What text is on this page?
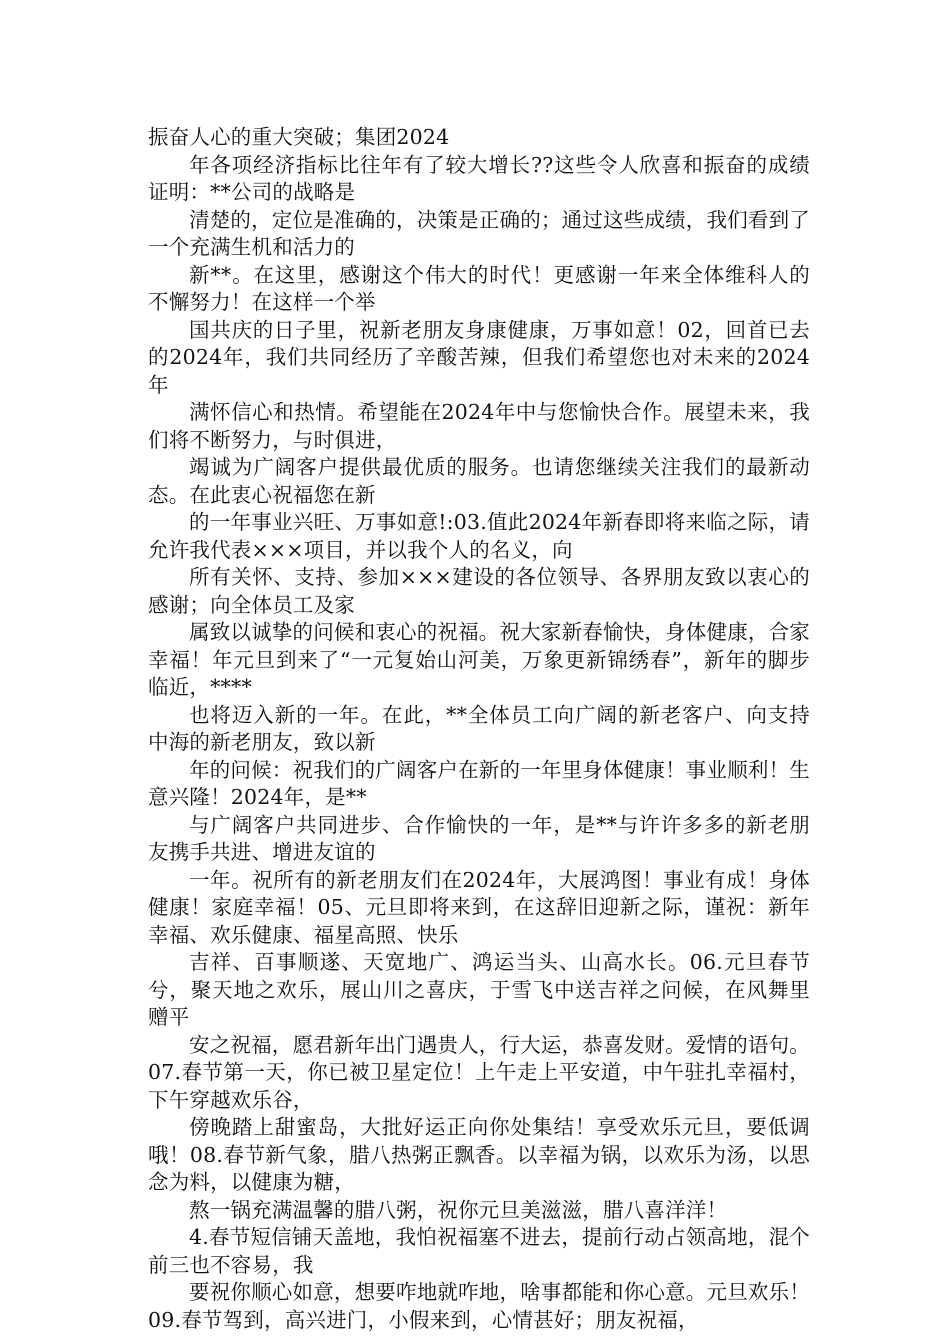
振奋人心的重大突破；集团2024

年各项经济指标比往年有了较大增长??这些令人欣喜和振奋的成绩证明：**公司的战略是

清楚的，定位是准确的，决策是正确的；通过这些成绩，我们看到了一个充满生机和活力的

新**。在这里，感谢这个伟大的时代！更感谢一年来全体维科人的不懈努力！在这样一个举

国共庆的日子里，祝新老朋友身康健康，万事如意！02，回首已去的2024年，我们共同经历了辛酸苦辣，但我们希望您也对未来的2024年

满怀信心和热情。希望能在2024年中与您愉快合作。展望未来，我们将不断努力，与时俱进，

竭诚为广阔客户提供最优质的服务。也请您继续关注我们的最新动态。在此衷心祝福您在新

的一年事业兴旺、万事如意!:03.值此2024年新春即将来临之际，请允许我代表×××项目，并以我个人的名义，向

所有关怀、支持、参加×××建设的各位领导、各界朋友致以衷心的感谢；向全体员工及家

属致以诚挚的问候和衷心的祝福。祝大家新春愉快，身体健康，合家幸福！年元旦到来了“一元复始山河美，万象更新锦绣春”，新年的脚步临近，****

也将迈入新的一年。在此，**全体员工向广阔的新老客户、向支持中海的新老朋友，致以新

年的问候：祝我们的广阔客户在新的一年里身体健康！事业顺利！生意兴隆！2024年，是**

与广阔客户共同进步、合作愉快的一年，是**与许许多多的新老朋友携手共进、增进友谊的

一年。祝所有的新老朋友们在2024年，大展鸿图！事业有成！身体健康！家庭幸福！05、元旦即将来到，在这辞旧迎新之际，谨祝：新年幸福、欢乐健康、福星高照、快乐

吉祥、百事顺遂、天宽地广、鸿运当头、山高水长。06.元旦春节兮，聚天地之欢乐，展山川之喜庆，于雪飞中送吉祥之问候，在风舞里赠平

安之祝福，愿君新年出门遇贵人，行大运，恭喜发财。爱情的语句。07.春节第一天，你已被卫星定位！上午走上平安道，中午驻扎幸福村，下午穿越欢乐谷，

傍晚踏上甜蜜岛，大批好运正向你处集结！享受欢乐元旦，要低调哦！08.春节新气象，腊八热粥正飘香。以幸福为锅，以欢乐为汤，以思念为料，以健康为糖，

熬一锅充满温馨的腊八粥，祝你元旦美滋滋，腊八喜洋洋！

4.春节短信铺天盖地，我怕祝福塞不进去，提前行动占领高地，混个前三也不容易，我

要祝你顺心如意，想要咋地就咋地，啥事都能和你心意。元旦欢乐！09.春节驾到，高兴进门，小假来到，心情甚好；朋友祝福，
